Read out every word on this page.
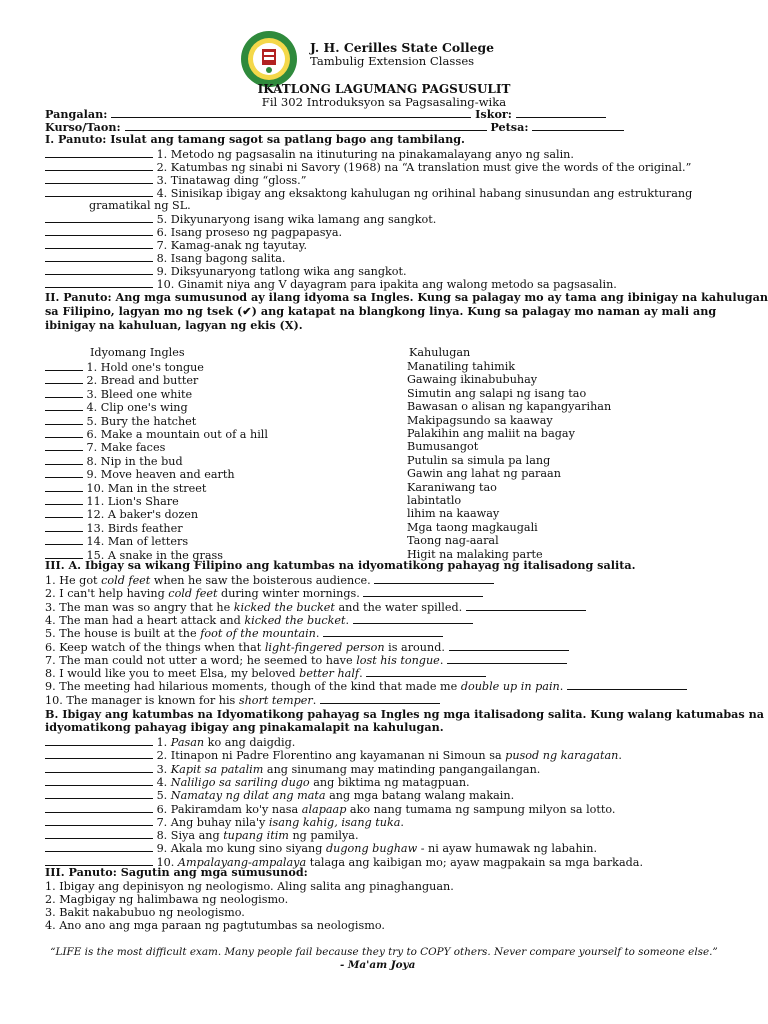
J. H. Cerilles State College
Tambulig Extension Classes
IKATLONG LAGUMANG PAGSUSULIT
Fil 302 Introduksyon sa Pagsasaling-wika
Pangalan:	Iskor:
Kurso/Taon:	Petsa:
I. Panuto: Isulat ang tamang sagot sa patlang bago ang tambilang.
1. Metodo ng pagsasalin na itinuturing na pinakamalayang anyo ng salin.
2. Katumbas ng sinabi ni Savory (1968) na “A translation must give the words of the original.”
3. Tinatawag ding “gloss.”
4. Sinisikap ibigay ang eksaktong kahulugan ng orihinal habang sinusundan ang estrukturang
gramatikal ng SL.
5. Dikyunaryong isang wika lamang ang sangkot.
6. Isang proseso ng pagpapasya.
7. Kamag-anak ng tayutay.
8. Isang bagong salita.
9. Diksyunaryong tatlong wika ang sangkot.
10. Ginamit niya ang V dayagram para ipakita ang walong metodo sa pagsasalin.
II. Panuto: Ang mga sumusunod ay ilang idyoma sa Ingles. Kung sa palagay mo ay tama ang ibinigay na kahulugan
sa Filipino, lagyan mo ng tsek (✔) ang katapat na blangkong linya. Kung sa palagay mo naman ay mali ang
ibinigay na kahuluan, lagyan ng ekis (X).
Idyomang Ingles	Kahulugan
1. Hold one's tongue	Manatiling tahimik
2. Bread and butter	Gawaing ikinabubuhay
3. Bleed one white	Simutin ang salapi ng isang tao
4. Clip one's wing	Bawasan o alisan ng kapangyarihan
5. Bury the hatchet	Makipagsundo sa kaaway
6. Make a mountain out of a hill	Palakihin ang maliit na bagay
7. Make faces	Bumusangot
8. Nip in the bud	Putulin sa simula pa lang
9. Move heaven and earth	Gawin ang lahat ng paraan
10. Man in the street	Karaniwang tao
11. Lion's Share	labintatlo
12. A baker's dozen	lihim na kaaway
13. Birds feather	Mga taong magkaugali
14. Man of letters	Taong nag-aaral
15. A snake in the grass	Higit na malaking parte
III. A. Ibigay sa wikang Filipino ang katumbas na idyomatikong pahayag ng italisadong salita.
1. He got cold feet when he saw the boisterous audience.
2. I can't help having cold feet during winter mornings.
3. The man was so angry that he kicked the bucket and the water spilled.
4. The man had a heart attack and kicked the bucket.
5. The house is built at the foot of the mountain.
6. Keep watch of the things when that light-fingered person is around.
7. The man could not utter a word; he seemed to have lost his tongue.
8. I would like you to meet Elsa, my beloved better half.
9. The meeting had hilarious moments, though of the kind that made me double up in pain.
10. The manager is known for his short temper.
B. Ibigay ang katumbas na Idyomatikong pahayag sa Ingles ng mga italisadong salita. Kung walang katumabas na
idyomatikong pahayag ibigay ang pinakamalapit na kahulugan.
1. Pasan ko ang daigdig.
2. Itinapon ni Padre Florentino ang kayamanan ni Simoun sa pusod ng karagatan.
3. Kapit sa patalim ang sinumang may matinding pangangailangan.
4. Naliligo sa sariling dugo ang biktima ng matagpuan.
5. Namatay ng dilat ang mata ang mga batang walang makain.
6. Pakiramdam ko'y nasa alapaap ako nang tumama ng sampung milyon sa lotto.
7. Ang buhay nila'y isang kahig, isang tuka.
8. Siya ang tupang itim ng pamilya.
9. Akala mo kung sino siyang dugong bughaw - ni ayaw humawak ng labahin.
10. Ampalayang-ampalaya talaga ang kaibigan mo; ayaw magpakain sa mga barkada.
III. Panuto: Sagutin ang mga sumusunod:
1. Ibigay ang depinisyon ng neologismo. Aling salita ang pinaghanguan.
2. Magbigay ng halimbawa ng neologismo.
3. Bakit nakabubuo ng neologismo.
4. Ano ano ang mga paraan ng pagtutumbas sa neologismo.
“LIFE is the most difficult exam. Many people fail because they try to COPY others. Never compare yourself to someone else.”
- Ma'am Joya
